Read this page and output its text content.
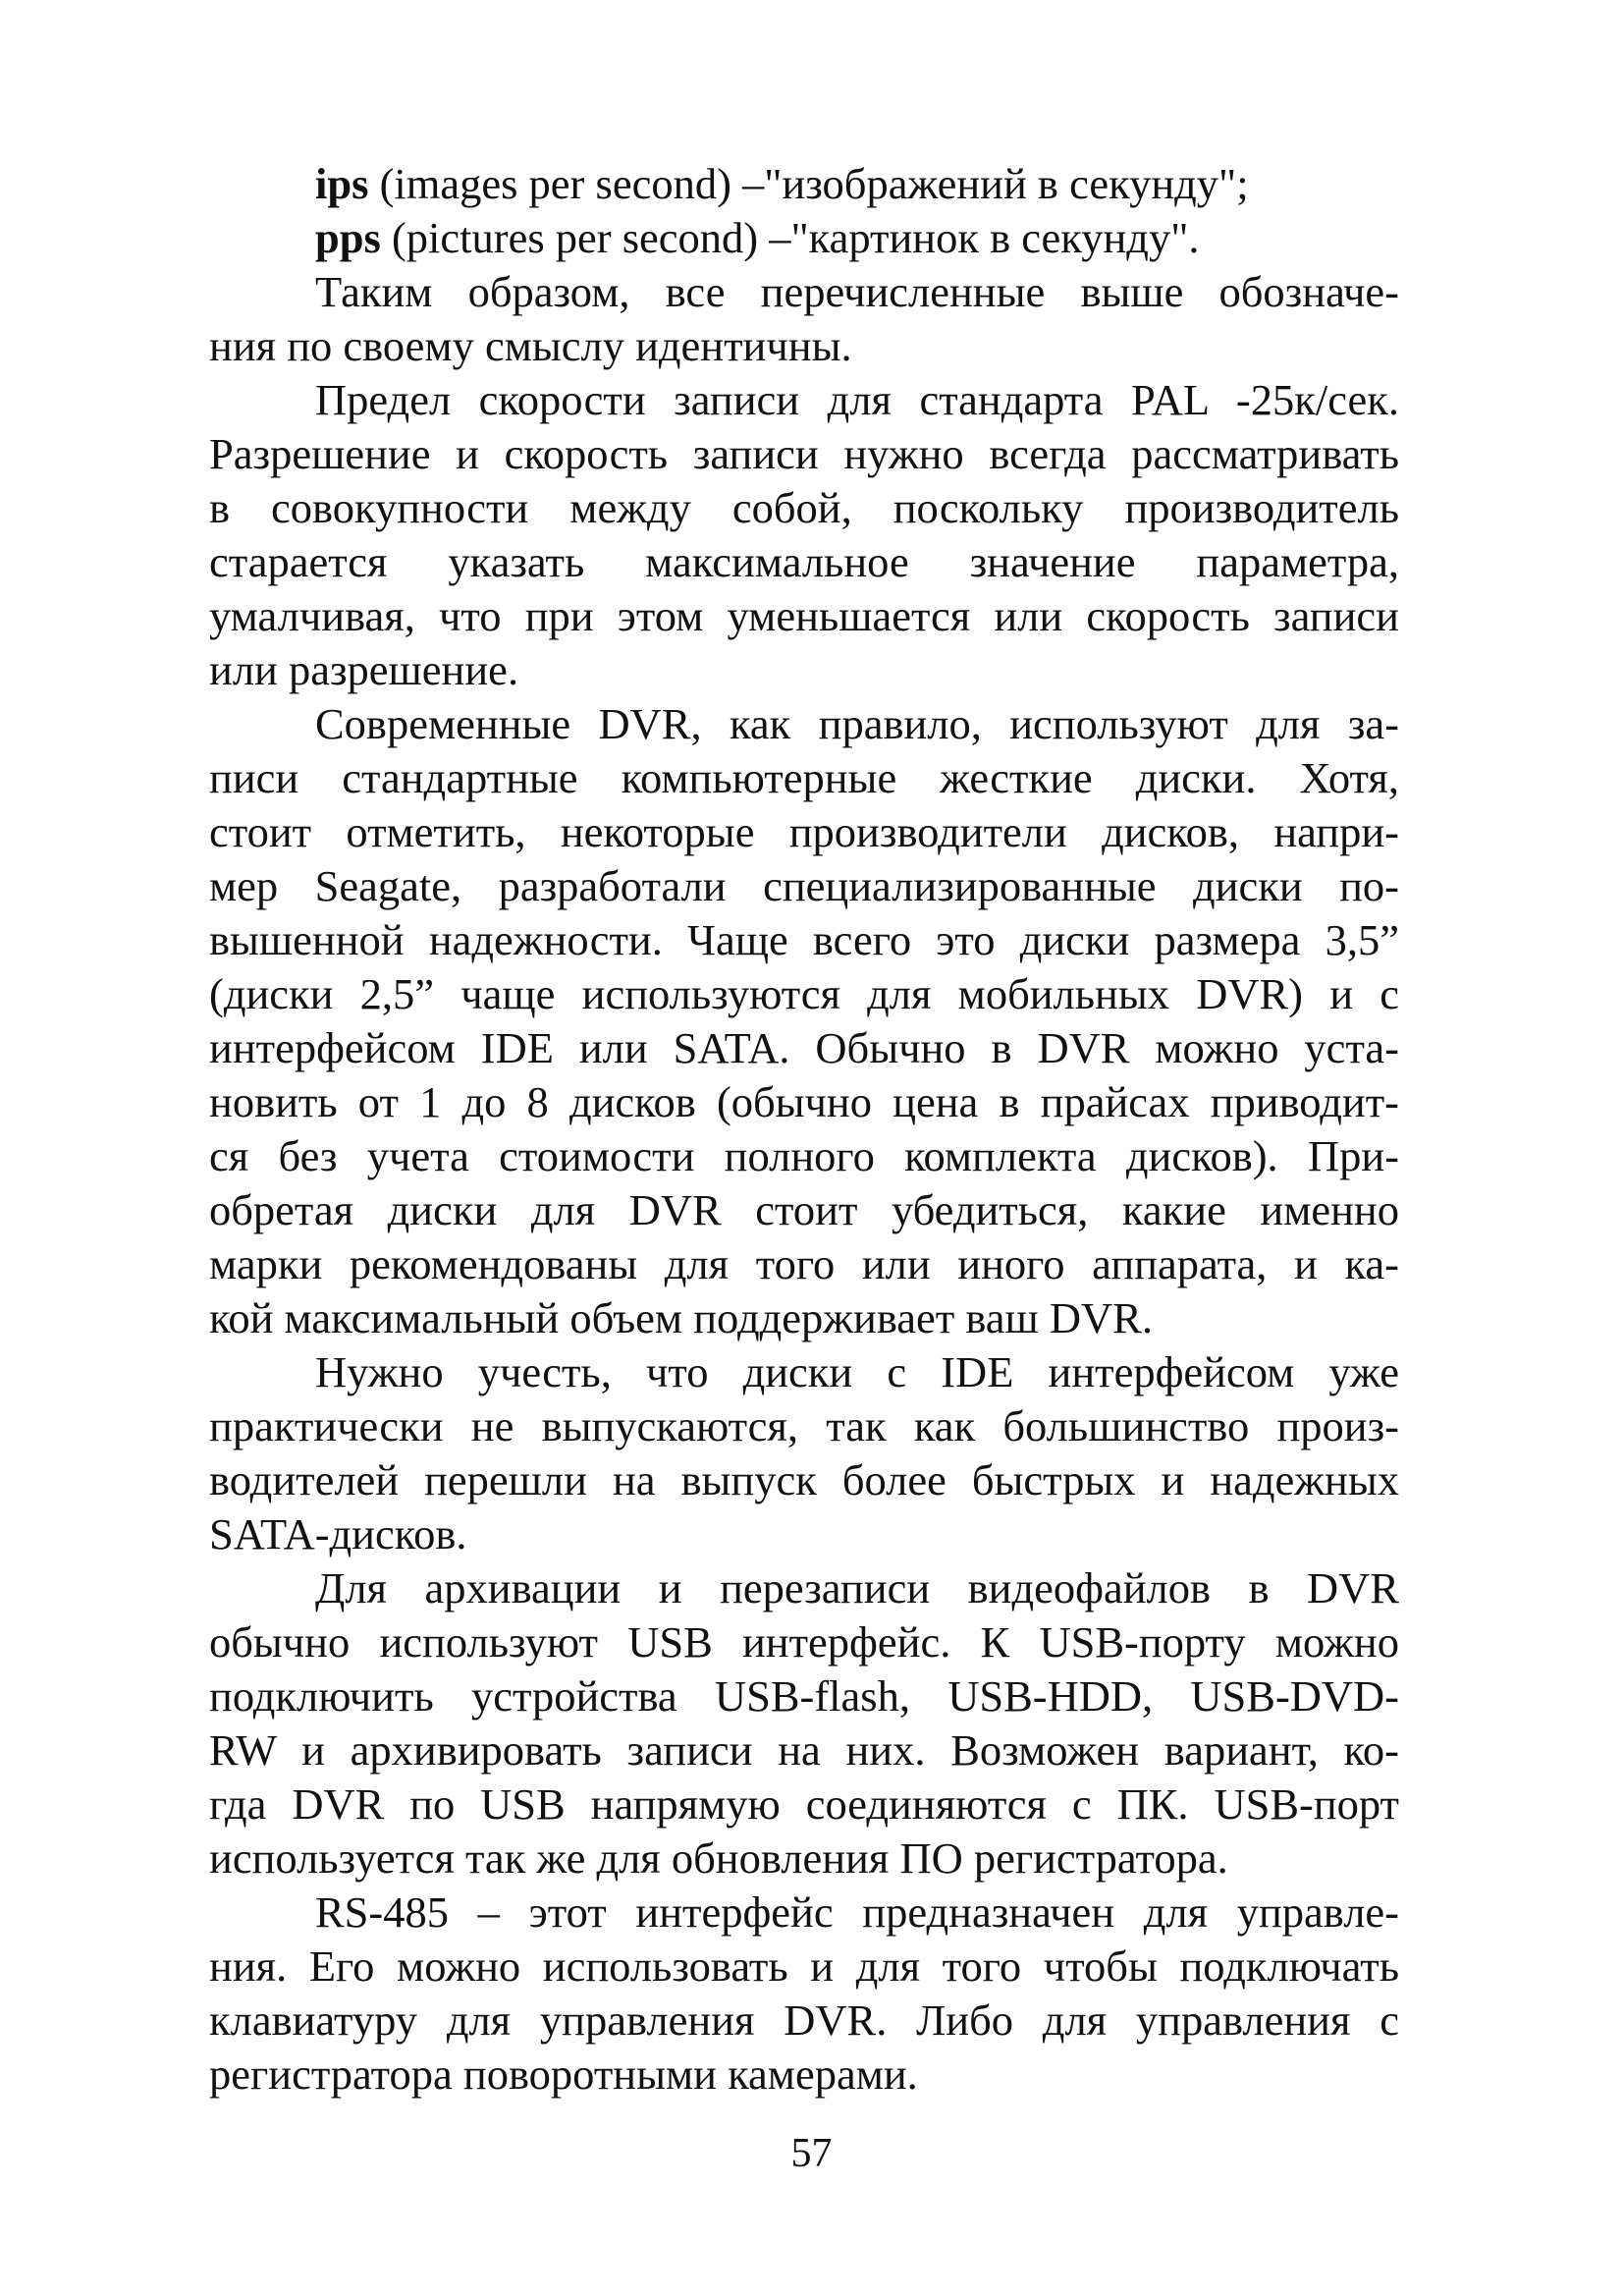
ips (images per second) –"изображений в секунду";
pps (pictures per second) –"картинок в секунду".
Таким образом, все перечисленные выше обозначе-
ния по своему смыслу идентичны.
Предел скорости записи для стандарта PAL -25к/сек.
Разрешение и скорость записи нужно всегда рассматривать
в совокупности между собой, поскольку производитель
старается указать максимальное значение параметра,
умалчивая, что при этом уменьшается или скорость записи
или разрешение.
Современные DVR, как правило, используют для за-
писи стандартные компьютерные жесткие диски. Хотя,
стоит отметить, некоторые производители дисков, напри-
мер Seagate, разработали специализированные диски по-
вышенной надежности. Чаще всего это диски размера 3,5”
(диски 2,5” чаще используются для мобильных DVR) и с
интерфейсом IDE или SATA. Обычно в DVR можно уста-
новить от 1 до 8 дисков (обычно цена в прайсах приводит-
ся без учета стоимости полного комплекта дисков). При-
обретая диски для DVR стоит убедиться, какие именно
марки рекомендованы для того или иного аппарата, и ка-
кой максимальный объем поддерживает ваш DVR.
Нужно учесть, что диски с IDE интерфейсом уже
практически не выпускаются, так как большинство произ-
водителей перешли на выпуск более быстрых и надежных
SATA-дисков.
Для архивации и перезаписи видеофайлов в DVR
обычно используют USB интерфейс. К USB-порту можно
подключить устройства USB-flash, USB-HDD, USB-DVD-
RW и архивировать записи на них. Возможен вариант, ко-
гда DVR по USB напрямую соединяются с ПК. USB-порт
используется так же для обновления ПО регистратора.
RS-485 – этот интерфейс предназначен для управле-
ния. Его можно использовать и для того чтобы подключать
клавиатуру для управления DVR. Либо для управления с
регистратора поворотными камерами.
57
